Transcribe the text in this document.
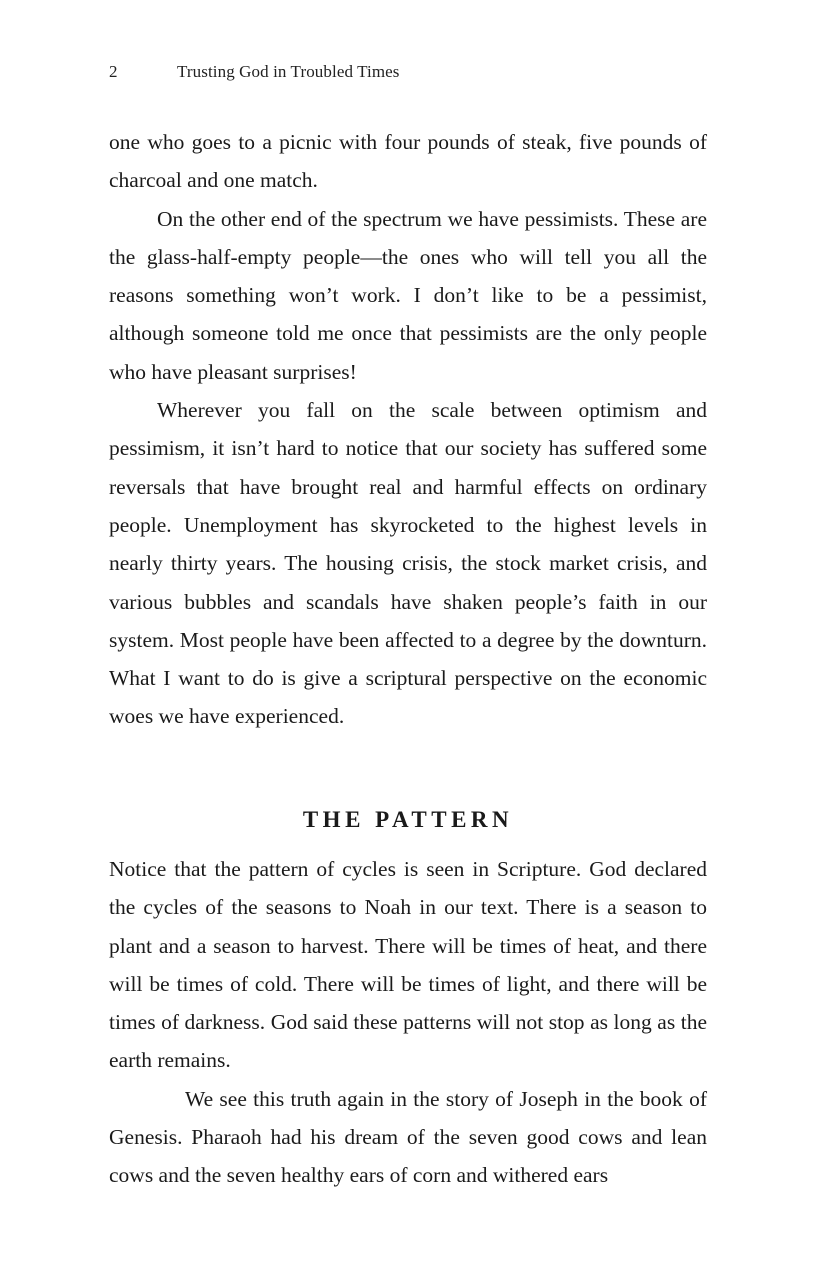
2	Trusting God in Troubled Times

one who goes to a picnic with four pounds of steak, five pounds of charcoal and one match.

On the other end of the spectrum we have pessimists. These are the glass-half-empty people—the ones who will tell you all the reasons something won’t work. I don’t like to be a pessimist, although someone told me once that pessimists are the only people who have pleasant surprises!

Wherever you fall on the scale between optimism and pessimism, it isn’t hard to notice that our society has suffered some reversals that have brought real and harmful effects on ordinary people. Unemployment has skyrocketed to the highest levels in nearly thirty years. The housing crisis, the stock market crisis, and various bubbles and scandals have shaken people’s faith in our system. Most people have been affected to a degree by the downturn. What I want to do is give a scriptural perspective on the economic woes we have experienced.

THE PATTERN

Notice that the pattern of cycles is seen in Scripture. God declared the cycles of the seasons to Noah in our text. There is a season to plant and a season to harvest. There will be times of heat, and there will be times of cold. There will be times of light, and there will be times of darkness. God said these patterns will not stop as long as the earth remains.

We see this truth again in the story of Joseph in the book of Genesis. Pharaoh had his dream of the seven good cows and lean cows and the seven healthy ears of corn and withered ears
